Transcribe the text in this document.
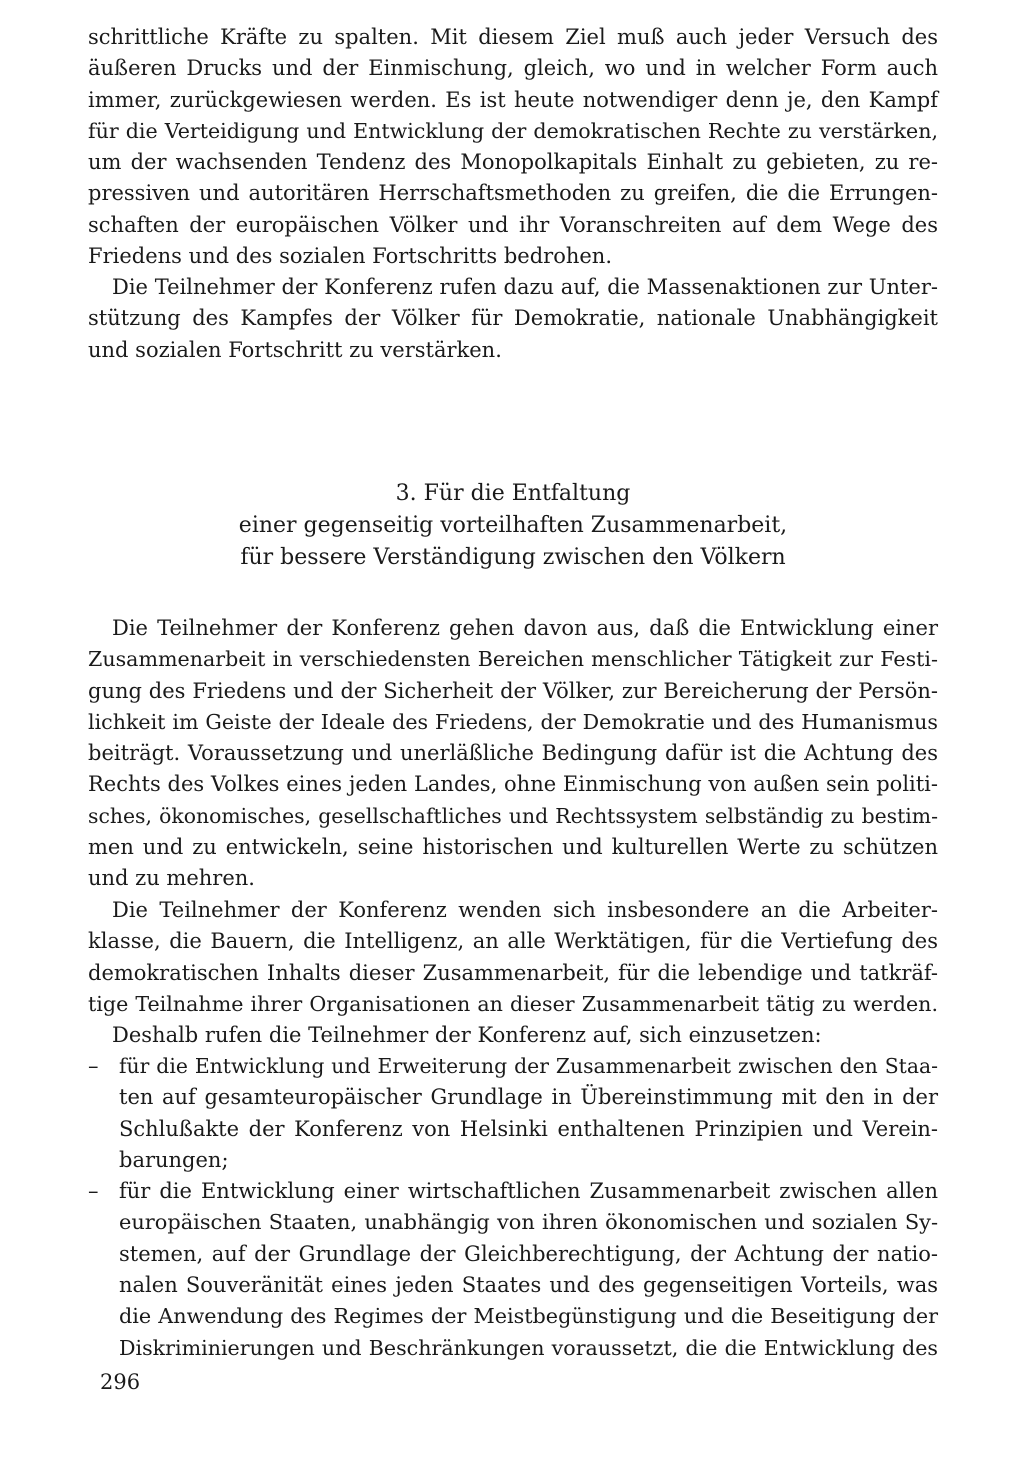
schrittliche Kräfte zu spalten. Mit diesem Ziel muß auch jeder Versuch des
äußeren Drucks und der Einmischung, gleich, wo und in welcher Form auch
immer, zurückgewiesen werden. Es ist heute notwendiger denn je, den Kampf
für die Verteidigung und Entwicklung der demokratischen Rechte zu verstärken,
um der wachsenden Tendenz des Monopolkapitals Einhalt zu gebieten, zu re-
pressiven und autoritären Herrschaftsmethoden zu greifen, die die Errungen-
schaften der europäischen Völker und ihr Voranschreiten auf dem Wege des
Friedens und des sozialen Fortschritts bedrohen.
Die Teilnehmer der Konferenz rufen dazu auf, die Massenaktionen zur Unter-
stützung des Kampfes der Völker für Demokratie, nationale Unabhängigkeit
und sozialen Fortschritt zu verstärken.
3. Für die Entfaltung
einer gegenseitig vorteilhaften Zusammenarbeit,
für bessere Verständigung zwischen den Völkern
Die Teilnehmer der Konferenz gehen davon aus, daß die Entwicklung einer
Zusammenarbeit in verschiedensten Bereichen menschlicher Tätigkeit zur Festi-
gung des Friedens und der Sicherheit der Völker, zur Bereicherung der Persön-
lichkeit im Geiste der Ideale des Friedens, der Demokratie und des Humanismus
beiträgt. Voraussetzung und unerläßliche Bedingung dafür ist die Achtung des
Rechts des Volkes eines jeden Landes, ohne Einmischung von außen sein politi-
sches, ökonomisches, gesellschaftliches und Rechtssystem selbständig zu bestim-
men und zu entwickeln, seine historischen und kulturellen Werte zu schützen
und zu mehren.
Die Teilnehmer der Konferenz wenden sich insbesondere an die Arbeiter-
klasse, die Bauern, die Intelligenz, an alle Werktätigen, für die Vertiefung des
demokratischen Inhalts dieser Zusammenarbeit, für die lebendige und tatkräf-
tige Teilnahme ihrer Organisationen an dieser Zusammenarbeit tätig zu werden.
Deshalb rufen die Teilnehmer der Konferenz auf, sich einzusetzen:
– für die Entwicklung und Erweiterung der Zusammenarbeit zwischen den Staa-
ten auf gesamteuropäischer Grundlage in Übereinstimmung mit den in der
Schlußakte der Konferenz von Helsinki enthaltenen Prinzipien und Verein-
barungen;
– für die Entwicklung einer wirtschaftlichen Zusammenarbeit zwischen allen
europäischen Staaten, unabhängig von ihren ökonomischen und sozialen Sy-
stemen, auf der Grundlage der Gleichberechtigung, der Achtung der natio-
nalen Souveränität eines jeden Staates und des gegenseitigen Vorteils, was
die Anwendung des Regimes der Meistbegünstigung und die Beseitigung der
Diskriminierungen und Beschränkungen voraussetzt, die die Entwicklung des
296
